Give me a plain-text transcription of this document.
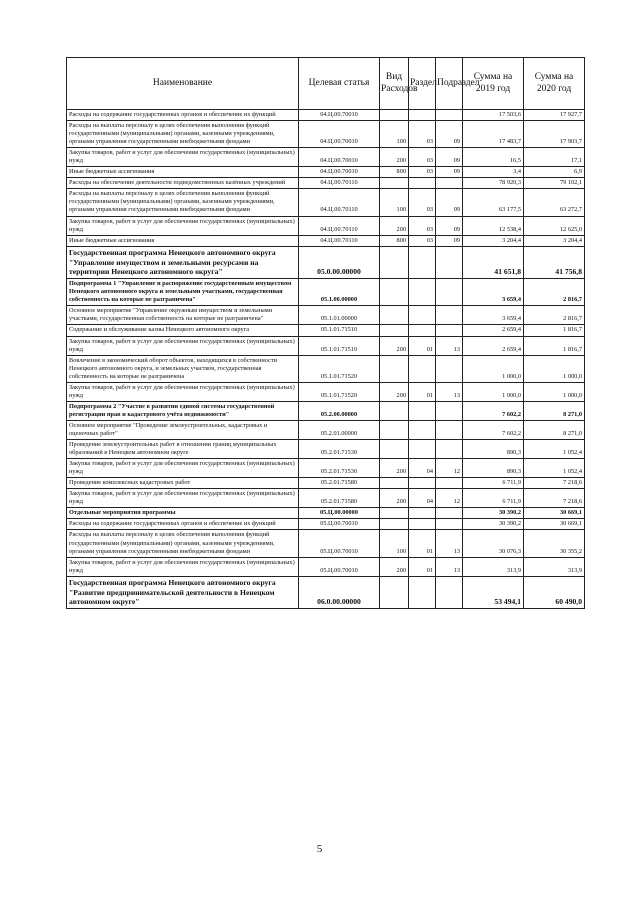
Наименование	Целевая статья	Вид Расходов	Раздел	Подраздел	Сумма на 2019 год	Сумма на 2020 год
Расходы на содержание государственных органов и обеспечение их функций	04.Ц.00.70010				17 503,6	17 927,7
Расходы на выплаты персоналу в целях обеспечения выполнения функций государственными (муниципальными) органами, казенными учреждениями, органами управления государственными внебюджетными фондами	04.Ц.00.70010	100	03	09	17 483,7	17 903,7
Закупка товаров, работ и услуг для обеспечения государственных (муниципальных) нужд	04.Ц.00.70010	200	03	09	16,5	17,1
Иные бюджетные ассигнования	04.Ц.00.70010	800	03	09	3,4	6,9
Расходы на обеспечение деятельности подведомственных казённых учреждений	04.Ц.00.70110				78 920,3	79 102,1
Расходы на выплаты персоналу в целях обеспечения выполнения функций государственными (муниципальными) органами, казенными учреждениями, органами управления государственными внебюджетными фондами	04.Ц.00.70110	100	03	09	63 177,5	63 272,7
Закупка товаров, работ и услуг для обеспечения государственных (муниципальных) нужд	04.Ц.00.70110	200	03	09	12 538,4	12 625,0
Иные бюджетные ассигнования	04.Ц.00.70110	800	03	09	3 204,4	3 204,4
Государственная программа Ненецкого автономного округа "Управление имуществом и земельными ресурсами на территории Ненецкого автономного округа"	05.0.00.00000				41 651,8	41 756,8
Подпрограмма 1 "Управление и распоряжение государственным имуществом Ненецкого автономного округа и земельными участками, государственная собственность на которые не разграничена"	05.1.00.00000				3 659,4	2 816,7
Основное мероприятие "Управление окружным имуществом и земельными участками, государственная собственность на которые не разграничена"	05.1.01.00000				3 659,4	2 816,7
Содержание и обслуживание казны Ненецкого автономного округа	05.1.01.71510				2 659,4	1 816,7
Закупка товаров, работ и услуг для обеспечения государственных (муниципальных) нужд	05.1.01.71510	200	01	13	2 659,4	1 816,7
Вовлечение в экономический оборот объектов, находящихся в собственности Ненецкого автономного округа, и земельных участков, государственная собственность на которые не разграничена	05.1.01.71520				1 000,0	1 000,0
Закупка товаров, работ и услуг для обеспечения государственных (муниципальных) нужд	05.1.01.71520	200	01	13	1 000,0	1 000,0
Подпрограмма 2 "Участие в развитии единой системы государственной регистрации прав и кадастрового учёта недвижимости"	05.2.00.00000				7 602,2	8 271,0
Основное мероприятие "Проведение землеустроительных, кадастровых и оценочных работ"	05.2.01.00000				7 602,2	8 271,0
Проведение землеустроительных работ в отношении границ муниципальных образований в Ненецком автономном округе	05.2.01.71530				890,3	1 052,4
Закупка товаров, работ и услуг для обеспечения государственных (муниципальных) нужд	05.2.01.71530	200	04	12	890,3	1 052,4
Проведение комплексных кадастровых работ	05.2.01.71580				6 711,9	7 218,6
Закупка товаров, работ и услуг для обеспечения государственных (муниципальных) нужд	05.2.01.71580	200	04	12	6 711,9	7 218,6
Отдельные мероприятия программы	05.Ц.00.00000				30 390,2	30 669,1
Расходы на содержание государственных органов и обеспечение их функций	05.Ц.00.70010				30 390,2	30 669,1
Расходы на выплаты персоналу в целях обеспечения выполнения функций государственными (муниципальными) органами, казенными учреждениями, органами управления государственными внебюджетными фондами	05.Ц.00.70010	100	01	13	30 076,3	30 355,2
Закупка товаров, работ и услуг для обеспечения государственных (муниципальных) нужд	05.Ц.00.70010	200	01	13	313,9	313,9
Государственная программа Ненецкого автономного округа "Развитие предпринимательской деятельности в Ненецком автономном округе"	06.0.00.00000				53 494,1	60 490,0
5
